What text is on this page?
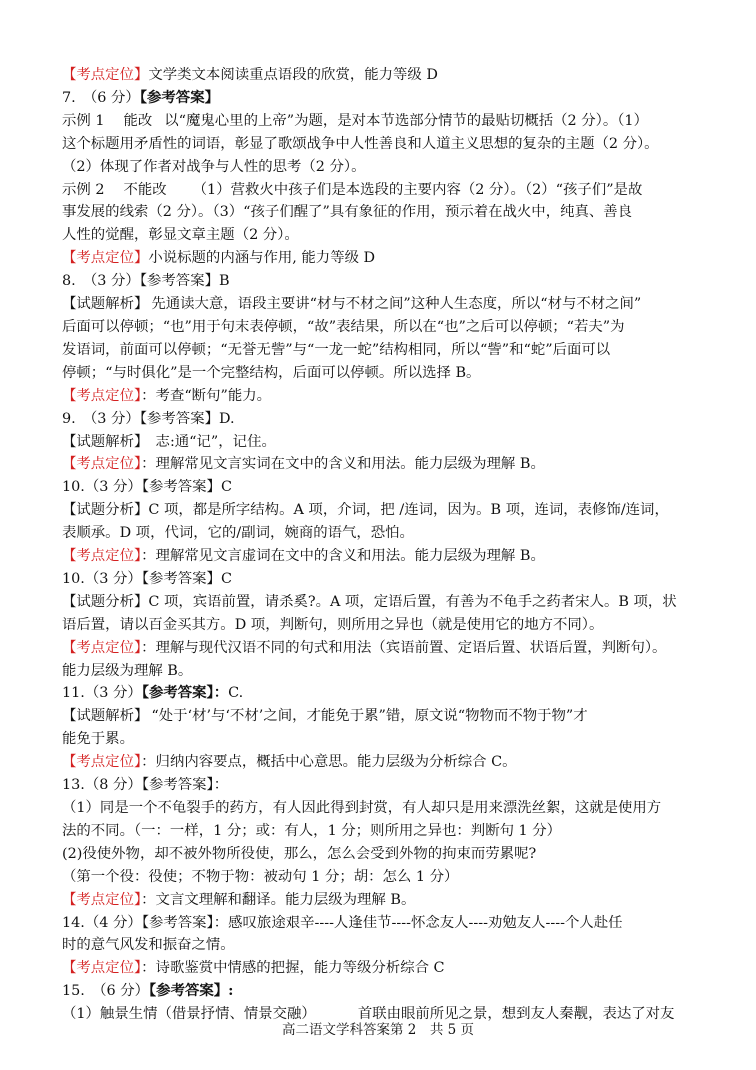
【考点定位】文学类文本阅读重点语段的欣赏，能力等级 D
7.　（6 分）【参考答案】
示例 1　 能改 以“魔鬼心里的上帝”为题，是对本节选部分情节的最贴切概括（2 分）。（1）
这个标题用矛盾性的词语，彰显了歌颂战争中人性善良和人道主义思想的复杂的主题（2 分）。
（2）体现了作者对战争与人性的思考（2 分）。
示例 2　 不能改 （1）营救火中孩子们是本选段的主要内容（2 分）。（2）“孩子们”是故
事发展的线索（2 分）。（3）“孩子们醒了”具有象征的作用，预示着在战火中，纯真、善良
人性的觉醒，彰显文章主题（2 分）。
【考点定位】小说标题的内涵与作用, 能力等级 D
8.　（3 分）【参考答案】B
【试题解析】 先通读大意，语段主要讲“材与不材之间”这种人生态度，所以“材与不材之间”
后面可以停顿；“也”用于句末表停顿，“故”表结果，所以在“也”之后可以停顿；“若夫”为
发语词，前面可以停顿；“无誉无訾”与“一龙一蛇”结构相同，所以“訾”和“蛇”后面可以
停顿；“与时俱化”是一个完整结构，后面可以停顿。所以选择 B。
【考点定位】：考查“断句”能力。
9.　（3 分）【参考答案】D.
【试题解析】　志:通“记”，记住。
【考点定位】：理解常见文言实词在文中的含义和用法。能力层级为理解 B。
10.（3 分）【参考答案】C
【试题分析】C 项，都是所字结构。A 项，介词，把 /连词，因为。B 项，连词，表修饰/连词，
表顺承。D 项，代词，它的/副词，婉商的语气，恐怕。
【考点定位】：理解常见文言虚词在文中的含义和用法。能力层级为理解 B。
10.（3 分）【参考答案】C
【试题分析】C 项，宾语前置，请杀奚?。A 项，定语后置，有善为不龟手之药者宋人。B 项，状
语后置，请以百金买其方。D 项，判断句，则所用之异也（就是使用它的地方不同）。
【考点定位】：理解与现代汉语不同的句式和用法（宾语前置、定语后置、状语后置，判断句）。
能力层级为理解 B。
11.（3 分）【参考答案】：C.
【试题解析】 “处于‘材’与‘不材’之间，才能免于累”错，原文说“物物而不物于物”才
能免于累。
【考点定位】：归纳内容要点，概括中心意思。能力层级为分析综合 C。
13.（8 分）【参考答案】：
（1）同是一个不龟裂手的药方，有人因此得到封赏，有人却只是用来漂洗丝絮，这就是使用方
法的不同。（一：一样，1 分；或：有人，1 分；则所用之异也：判断句 1 分）
(2)役使外物，却不被外物所役使，那么，怎么会受到外物的拘束而劳累呢?
（第一个役：役使；不物于物：被动句 1 分；胡：怎么 1 分）
【考点定位】：文言文理解和翻译。能力层级为理解 B。
14.（4 分）【参考答案】：感叹旅途艰辛----人逢佳节----怀念友人----劝勉友人----个人赴任
时的意气风发和振奋之情。
【考点定位】：诗歌鉴赏中情感的把握，能力等级分析综合 C
15.　（6 分）【参考答案】:
（1）触景生情（借景抒情、情景交融）	首联由眼前所见之景，想到友人秦觏，表达了对友
高二语文学科答案第 2　共 5 页
